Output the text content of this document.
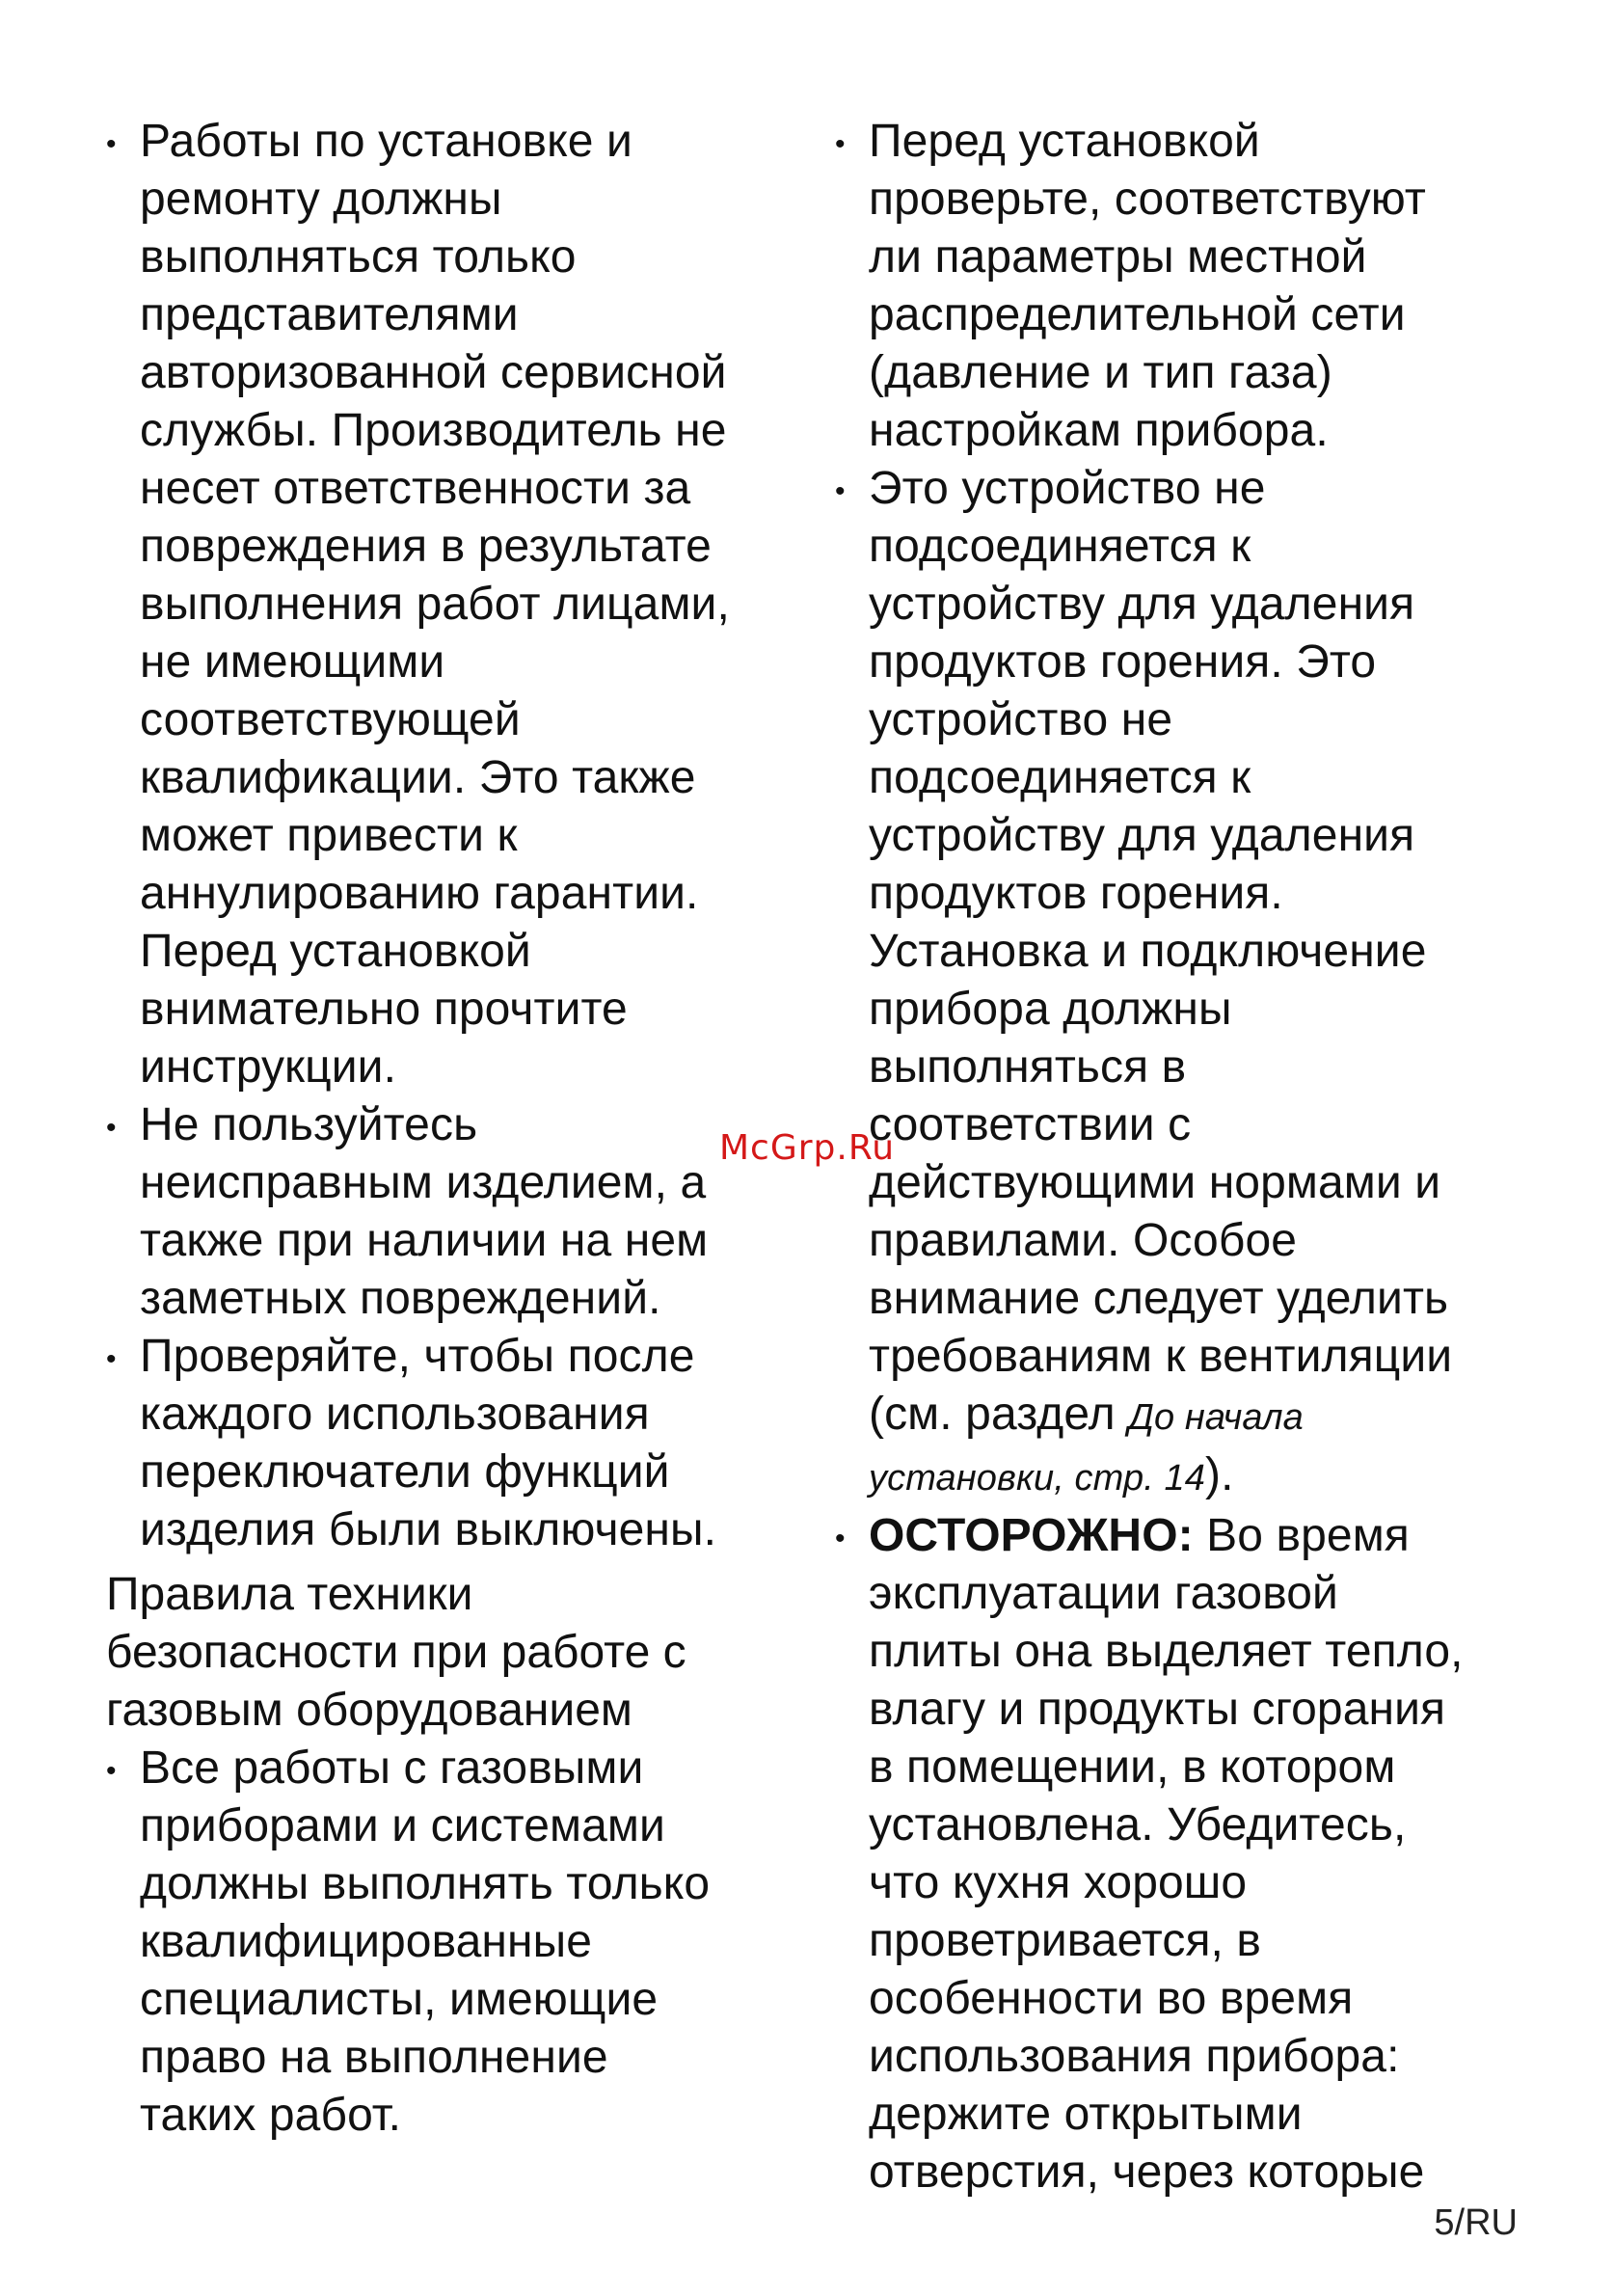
• Работы по установке и
ремонту должны
выполняться только
представителями
авторизованной сервисной
службы. Производитель не
несет ответственности за
повреждения в результате
выполнения работ лицами,
не имеющими
соответствующей
квалификации. Это также
может привести к
аннулированию гарантии.
Перед установкой
внимательно прочтите
инструкции.
• Не пользуйтесь
неисправным изделием, а
также при наличии на нем
заметных повреждений.
• Проверяйте, чтобы после
каждого использования
переключатели функций
изделия были выключены.
Правила техники
безопасности при работе с
газовым оборудованием
• Все работы с газовыми
приборами и системами
должны выполнять только
квалифицированные
специалисты, имеющие
право на выполнение
таких работ.
• Перед установкой
проверьте, соответствуют
ли параметры местной
распределительной сети
(давление и тип газа)
настройкам прибора.
• Это устройство не
подсоединяется к
устройству для удаления
продуктов горения. Это
устройство не
подсоединяется к
устройству для удаления
продуктов горения.
Установка и подключение
прибора должны
выполняться в
соответствии с
действующими нормами и
правилами. Особое
внимание следует уделить
требованиям к вентиляции
(см. раздел До начала
установки, стр. 14).
• ОСТОРОЖНО: Во время
эксплуатации газовой
плиты она выделяет тепло,
влагу и продукты сгорания
в помещении, в котором
установлена. Убедитесь,
что кухня хорошо
проветривается, в
особенности во время
использования прибора:
держите открытыми
отверстия, через которые
McGrp.Ru
5/RU
